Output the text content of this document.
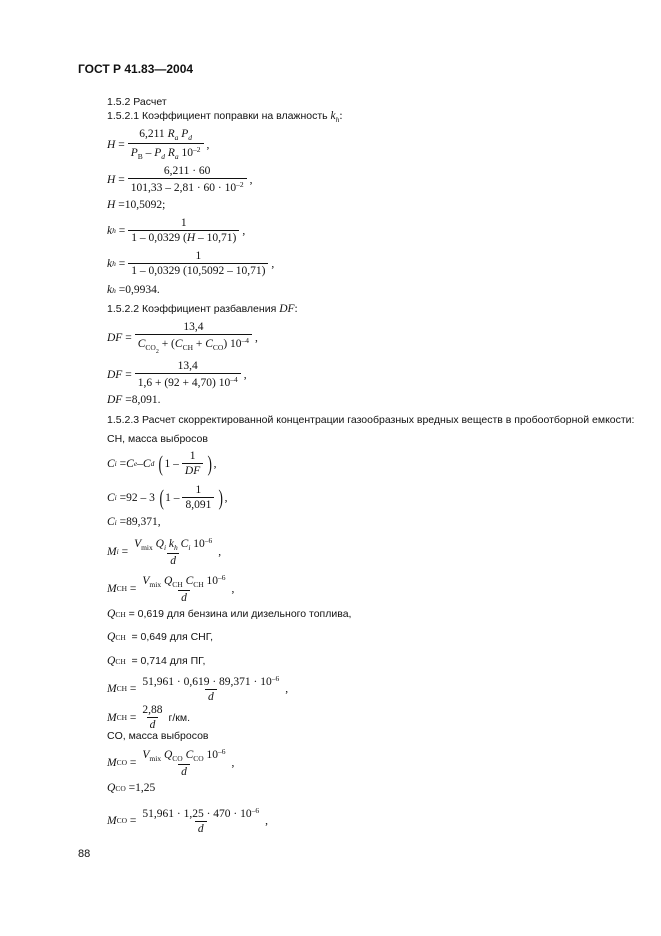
ГОСТ Р 41.83—2004
1.5.2 Расчет
1.5.2.1 Коэффициент поправки на влажность $k_h$:
$H = \frac{6,211 R_a P_d}{P_B - P_d R_a 10^{-2}}$ ,
$H = \frac{6,211 \cdot 60}{101,33 - 2,81 \cdot 60 \cdot 10^{-2}}$ ,
H = 10,5092 ;
k $h = \frac{1}{1 - 0,0329 (H - 10,71)}$ ,
k $h = \frac{1}{1 - 0,0329 (10,5092 - 10,71)}$ ,
k h = 0,9934.
1.5.2.2 Коэффициент разбавления DF:
DF = $\frac{13,4}{C_{CO_2} + (C_{CH} + C_{CO}) 10^{-4}}$ ,
DF = $\frac{13,4}{1,6 + (92 + 4,70) 10^{-4}}$ ,
DF = 8,091.
1.5.2.3 Расчет скорректированной концентрации газообразных вредных веществ в пробоотборной емкости:
CH, масса выбросов
C i = C e – C d
( $1 - \frac{1}{DF}$ ) ,
C i = 92 – 3
( $1 - \frac{1}{8,091}$ ) ,
C i = 89,371,
M $i = \frac{V_{mix} Q_i k_h C_i 10^{-6}}{d}$ ,
M CH = $\frac{V_{mix} Q_{CH} C_{CH} 10^{-6}}{d}$ ,
Q CH
= 0,619 для бензина или дизельного топлива,
Q CH
= 0,649 для СНГ,
Q CH
= 0,714 для ПГ,
M CH = $\frac{51,961 \cdot 0,619 \cdot 89,371 \cdot 10^{-6}}{d}$ ,
M CH = $\frac{2,88}{d} г/км$.
CO, масса выбросов
M CO = $\frac{V_{mix} Q_{CO} C_{CO} 10^{-6}}{d}$ ,
Q CO
=1,25
M CO = $\frac{51,961 \cdot 1,25 \cdot 470 \cdot 10^{-6}}{d}$ ,
88
